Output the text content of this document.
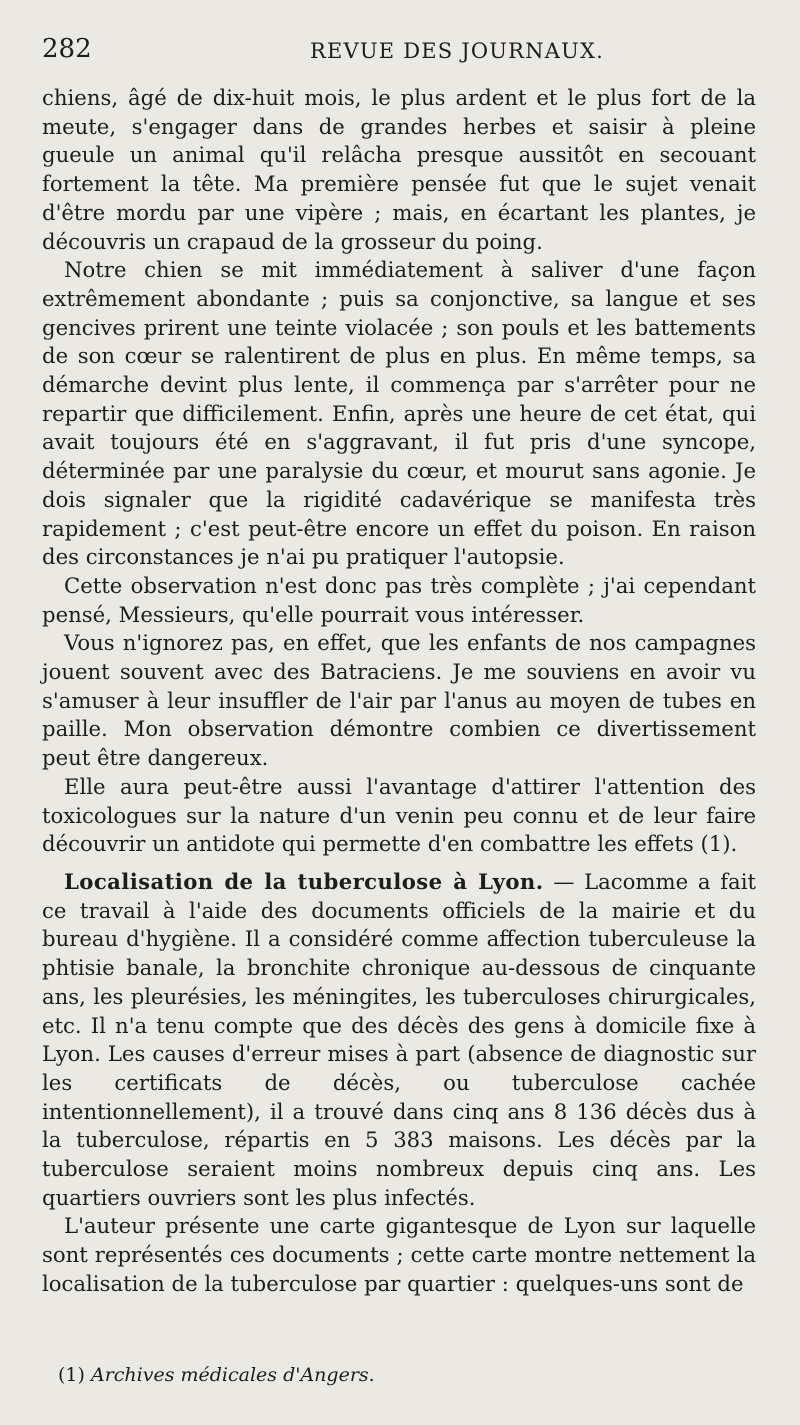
282	REVUE DES JOURNAUX.

chiens, âgé de dix-huit mois, le plus ardent et le plus fort de la meute, s'engager dans de grandes herbes et saisir à pleine gueule un animal qu'il relâcha presque aussitôt en secouant fortement la tête. Ma première pensée fut que le sujet venait d'être mordu par une vipère ; mais, en écartant les plantes, je découvris un crapaud de la grosseur du poing.

Notre chien se mit immédiatement à saliver d'une façon extrêmement abondante ; puis sa conjonctive, sa langue et ses gencives prirent une teinte violacée ; son pouls et les battements de son cœur se ralentirent de plus en plus. En même temps, sa démarche devint plus lente, il commença par s'arrêter pour ne repartir que difficilement. Enfin, après une heure de cet état, qui avait toujours été en s'aggravant, il fut pris d'une syncope, déterminée par une paralysie du cœur, et mourut sans agonie. Je dois signaler que la rigidité cadavérique se manifesta très rapidement ; c'est peut-être encore un effet du poison. En raison des circonstances je n'ai pu pratiquer l'autopsie.

Cette observation n'est donc pas très complète ; j'ai cependant pensé, Messieurs, qu'elle pourrait vous intéresser.

Vous n'ignorez pas, en effet, que les enfants de nos campagnes jouent souvent avec des Batraciens. Je me souviens en avoir vu s'amuser à leur insuffler de l'air par l'anus au moyen de tubes en paille. Mon observation démontre combien ce divertissement peut être dangereux.

Elle aura peut-être aussi l'avantage d'attirer l'attention des toxicologues sur la nature d'un venin peu connu et de leur faire découvrir un antidote qui permette d'en combattre les effets (1).

Localisation de la tuberculose à Lyon. — Lacomme a fait ce travail à l'aide des documents officiels de la mairie et du bureau d'hygiène. Il a considéré comme affection tuberculeuse la phtisie banale, la bronchite chronique au-dessous de cinquante ans, les pleurésies, les méningites, les tuberculoses chirurgicales, etc. Il n'a tenu compte que des décès des gens à domicile fixe à Lyon. Les causes d'erreur mises à part (absence de diagnostic sur les certificats de décès, ou tuberculose cachée intentionnellement), il a trouvé dans cinq ans 8 136 décès dus à la tuberculose, répartis en 5 383 maisons. Les décès par la tuberculose seraient moins nombreux depuis cinq ans. Les quartiers ouvriers sont les plus infectés.

L'auteur présente une carte gigantesque de Lyon sur laquelle sont représentés ces documents ; cette carte montre nettement la localisation de la tuberculose par quartier : quelques-uns sont de

(1) Archives médicales d'Angers.
